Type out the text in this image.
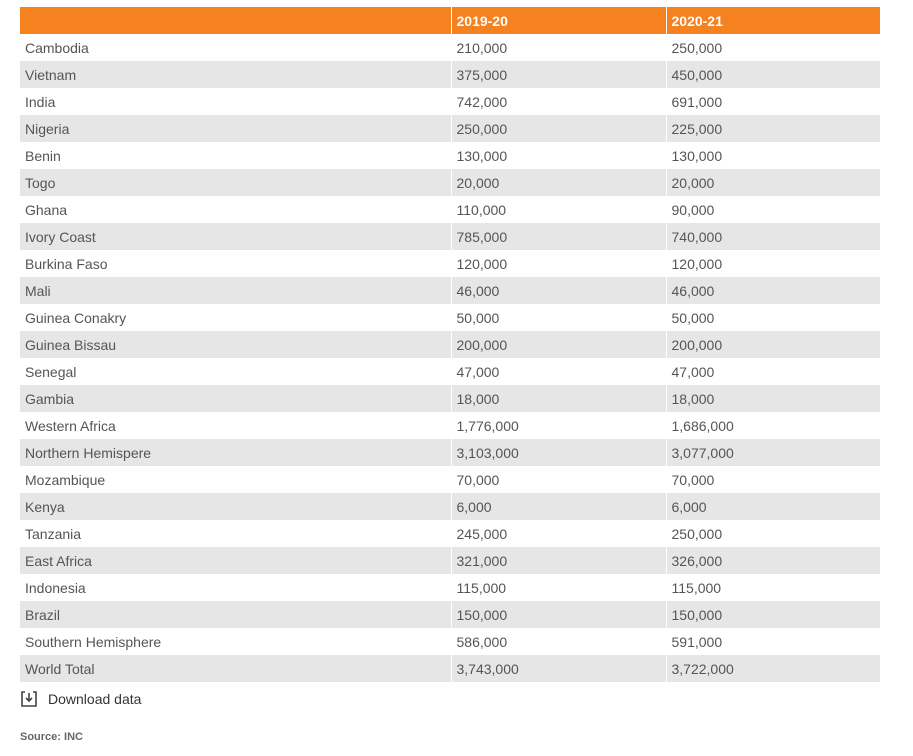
	2019-20	2020-21
Cambodia	210,000	250,000
Vietnam	375,000	450,000
India	742,000	691,000
Nigeria	250,000	225,000
Benin	130,000	130,000
Togo	20,000	20,000
Ghana	110,000	90,000
Ivory Coast	785,000	740,000
Burkina Faso	120,000	120,000
Mali	46,000	46,000
Guinea Conakry	50,000	50,000
Guinea Bissau	200,000	200,000
Senegal	47,000	47,000
Gambia	18,000	18,000
Western Africa	1,776,000	1,686,000
Northern Hemispere	3,103,000	3,077,000
Mozambique	70,000	70,000
Kenya	6,000	6,000
Tanzania	245,000	250,000
East Africa	321,000	326,000
Indonesia	115,000	115,000
Brazil	150,000	150,000
Southern Hemisphere	586,000	591,000
World Total	3,743,000	3,722,000
Download data
Source: INC
